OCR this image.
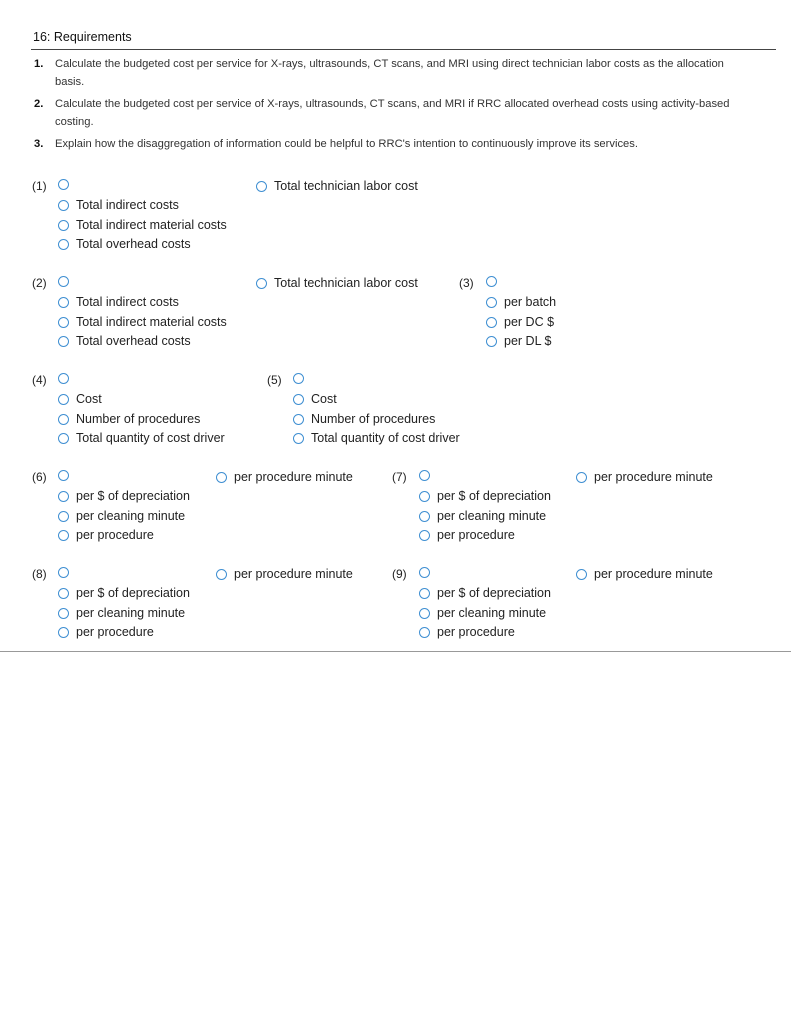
16: Requirements
1. Calculate the budgeted cost per service for X-rays, ultrasounds, CT scans, and MRI using direct technician labor costs as the allocation basis.
2. Calculate the budgeted cost per service of X-rays, ultrasounds, CT scans, and MRI if RRC allocated overhead costs using activity-based costing.
3. Explain how the disaggregation of information could be helpful to RRC's intention to continuously improve its services.
(1)	Total technician labor cost
Total indirect costs
Total indirect material costs
Total overhead costs
(2)	Total technician labor cost
Total indirect costs
Total indirect material costs
Total overhead costs
(3)
per batch
per DC $
per DL $
(4)
Cost
Number of procedures
Total quantity of cost driver
(5)
Cost
Number of procedures
Total quantity of cost driver
(6)	per procedure minute
per $ of depreciation
per cleaning minute
per procedure
(7)	per procedure minute
per $ of depreciation
per cleaning minute
per procedure
(8)	per procedure minute
per $ of depreciation
per cleaning minute
per procedure
(9)	per procedure minute
per $ of depreciation
per cleaning minute
per procedure
